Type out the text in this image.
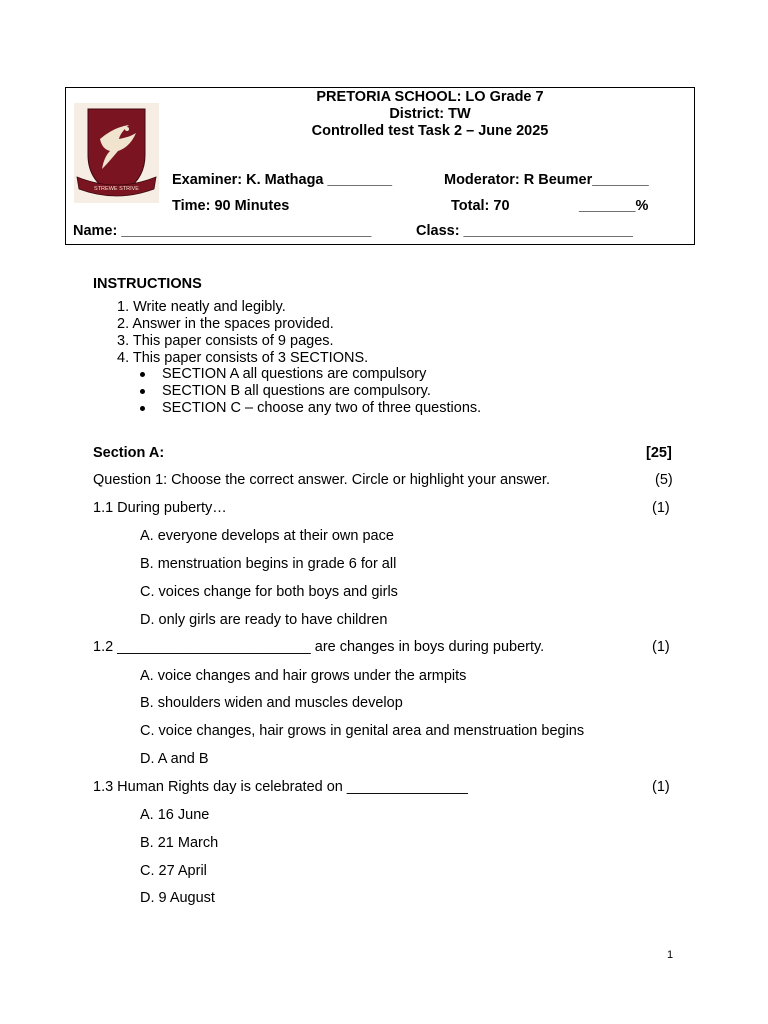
STREWE STRIVE
PRETORIA SCHOOL: LO Grade 7
District: TW
Controlled test Task 2 – June 2025
Examiner: K. Mathaga ________	Moderator: R Beumer_______
Time: 90 Minutes	Total: 70	_______%
Name: _______________________________	Class: _____________________
INSTRUCTIONS
1. Write neatly and legibly.
2. Answer in the spaces provided.
3. This paper consists of 9 pages.
4. This paper consists of 3 SECTIONS.
SECTION A all questions are compulsory
SECTION B all questions are compulsory.
SECTION C – choose any two of three questions.
Section A:	[25]
Question 1: Choose the correct answer. Circle or highlight your answer.	(5)
1.1 During puberty…	(1)
A. everyone develops at their own pace
B. menstruation begins in grade 6 for all
C. voices change for both boys and girls
D. only girls are ready to have children
1.2 ________________________ are changes in boys during puberty.	(1)
A. voice changes and hair grows under the armpits
B. shoulders widen and muscles develop
C. voice changes, hair grows in genital area and menstruation begins
D. A and B
1.3 Human Rights day is celebrated on _______________	(1)
A. 16 June
B. 21 March
C. 27 April
D. 9 August
1
